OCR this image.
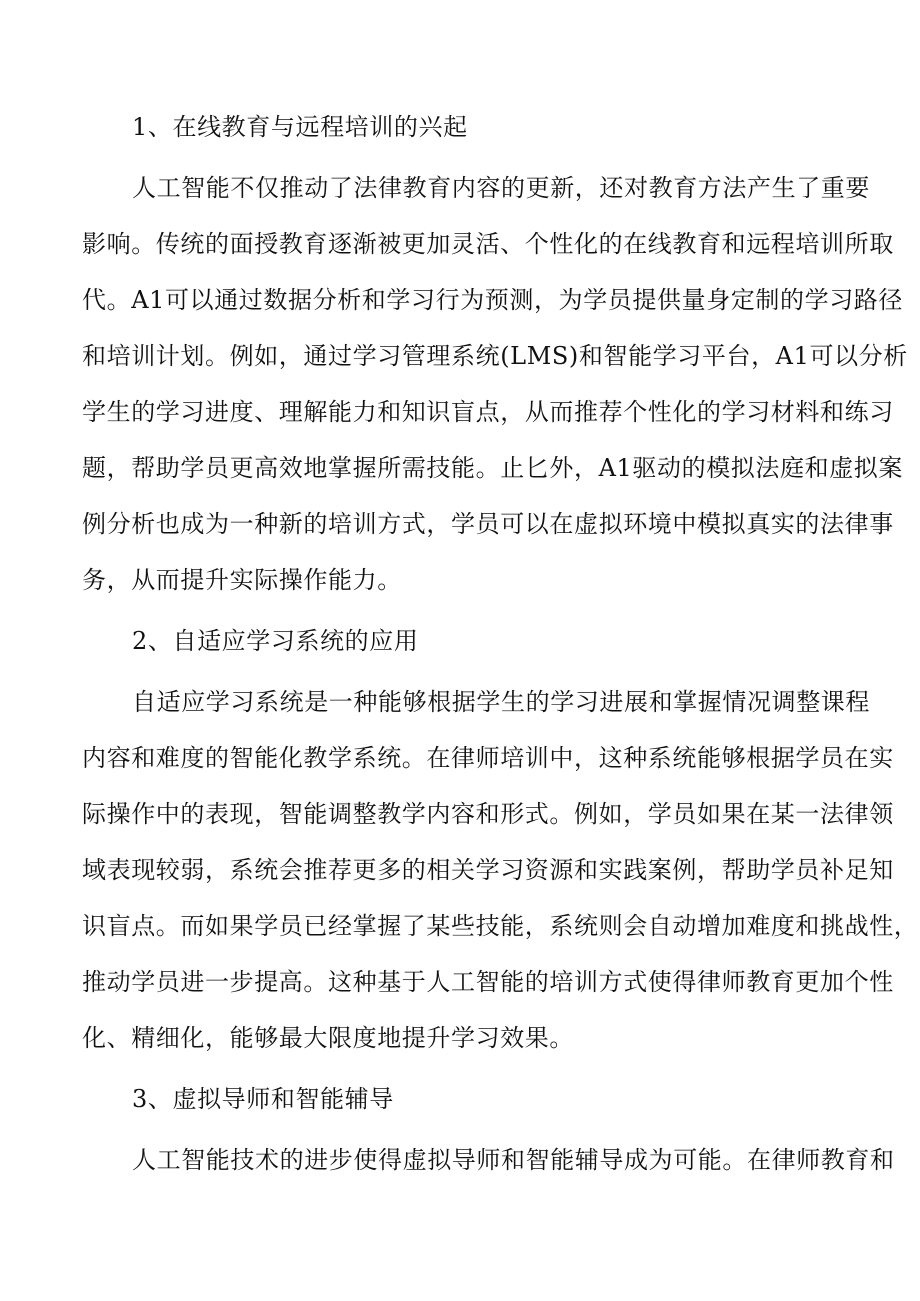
1、在线教育与远程培训的兴起
人工智能不仅推动了法律教育内容的更新，还对教育方法产生了重要
影响。传统的面授教育逐渐被更加灵活、个性化的在线教育和远程培训所取
代。A1可以通过数据分析和学习行为预测，为学员提供量身定制的学习路径
和培训计划。例如，通过学习管理系统(LMS)和智能学习平台，A1可以分析
学生的学习进度、理解能力和知识盲点，从而推荐个性化的学习材料和练习
题，帮助学员更高效地掌握所需技能。止匕外，A1驱动的模拟法庭和虚拟案
例分析也成为一种新的培训方式，学员可以在虚拟环境中模拟真实的法律事
务，从而提升实际操作能力。
2、自适应学习系统的应用
自适应学习系统是一种能够根据学生的学习进展和掌握情况调整课程
内容和难度的智能化教学系统。在律师培训中，这种系统能够根据学员在实
际操作中的表现，智能调整教学内容和形式。例如，学员如果在某一法律领
域表现较弱，系统会推荐更多的相关学习资源和实践案例，帮助学员补足知
识盲点。而如果学员已经掌握了某些技能，系统则会自动增加难度和挑战性，
推动学员进一步提高。这种基于人工智能的培训方式使得律师教育更加个性
化、精细化，能够最大限度地提升学习效果。
3、虚拟导师和智能辅导
人工智能技术的进步使得虚拟导师和智能辅导成为可能。在律师教育和
